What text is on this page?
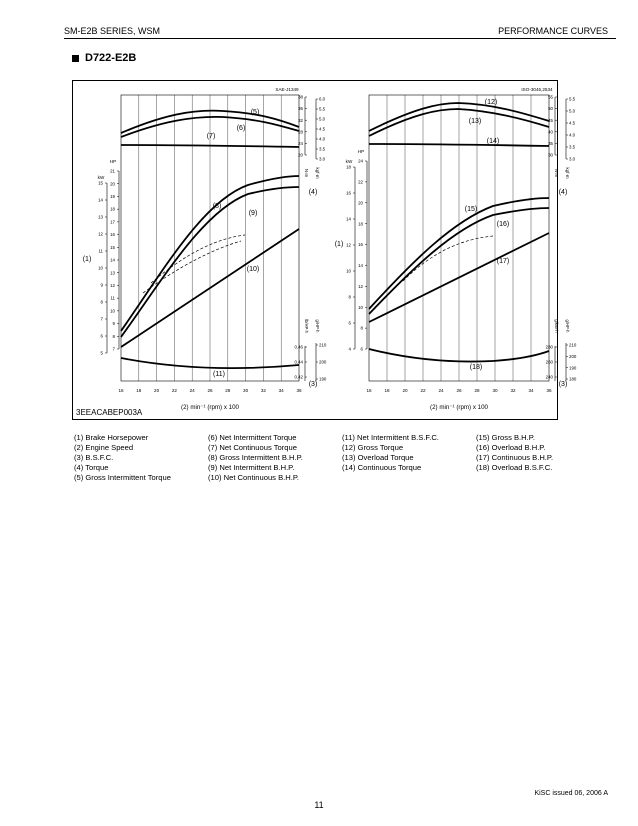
SM-E2B SERIES, WSM	PERFORMANCE CURVES
D722-E2B
16	18	20	22	24	26	28	30	32	34	36
(2) min⁻¹ (rpm) x 100
SAE-J1349
7
8
9
10
11
12
13
14
15
16
17
18
19
20
21
5
6
7
8
9
10
11
12
13
14
15
HP
kW
(1)
20
24
28
32
36
38
3.0
3.5
4.0
4.5
5.0
5.5
6.0
N·m kgf·m
(4)
0.42
0.44
0.46
190
200
210
lb/HP·h g/HP·h
(3)
16	18	20	22	24	26	28	30	32	34	36
(2) min⁻¹ (rpm) x 100
ISO-3046,2534
6
8
10
12
14
16
18
20
22
24
4
6
8
10
12
14
16
18
HP
kW
(1)
30
35
40
45
50
55
3.0
3.5
4.0
4.5
5.0
5.5
N·m kgf·m
(4)
240
260
280
180
190
200
210
g/kW·h g/HP·h
(3)
(5)
(6)
(7)
(8)
(9)
(10)
(11)
(12)
(13)
(14)
(15)
(16)
(17)
(18)
3EEACABEP003A
(1) Brake Horsepower
(2) Engine Speed
(3) B.S.F.C.
(4) Torque
(5) Gross Intermittent Torque
(6) Net Intermittent Torque
(7) Net Continuous Torque
(8) Gross Intermittent B.H.P.
(9) Net Intermittent B.H.P.
(10) Net Continuous B.H.P.
(11) Net Intermittent B.S.F.C.
(12) Gross Torque
(13) Overload Torque
(14) Continuous Torque
(15) Gross B.H.P.
(16) Overload B.H.P.
(17) Continuous B.H.P.
(18) Overload B.S.F.C.
KiSC issued 06, 2006 A
11
